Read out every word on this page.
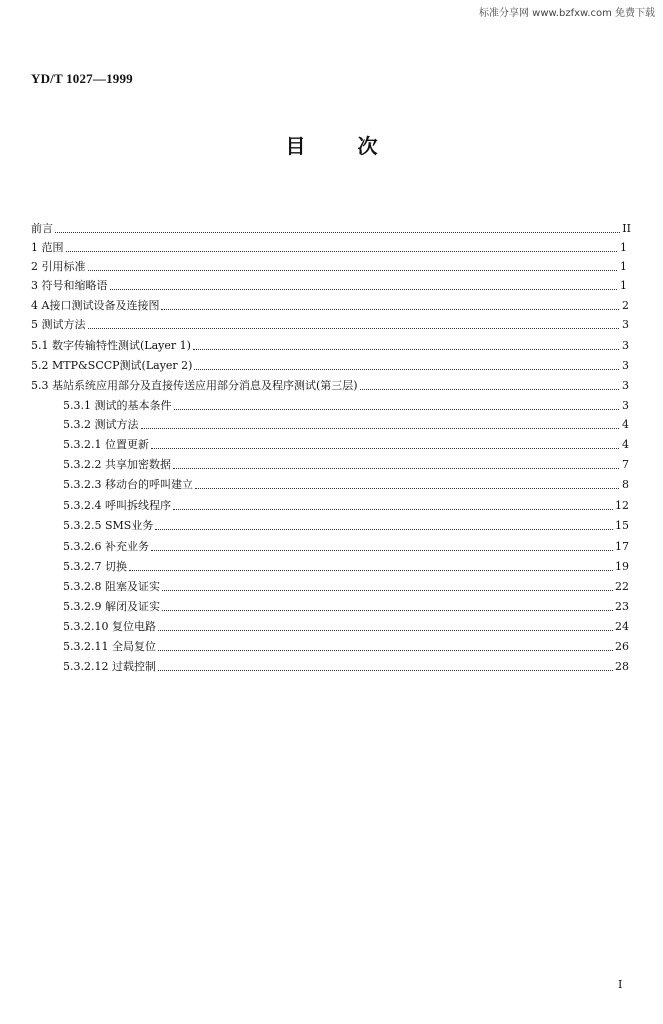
标准分享网 www.bzfxw.com 免费下载
YD/T 1027—1999
目	次
前言	II
1 范围	1
2 引用标准	1
3 符号和缩略语	1
4 A接口测试设备及连接图	2
5 测试方法	3
5.1 数字传输特性测试(Layer 1)	3
5.2 MTP&SCCP测试(Layer 2)	3
5.3 基站系统应用部分及直接传送应用部分消息及程序测试(第三层)	3
5.3.1 测试的基本条件	3
5.3.2 测试方法	4
5.3.2.1 位置更新	4
5.3.2.2 共享加密数据	7
5.3.2.3 移动台的呼叫建立	8
5.3.2.4 呼叫拆线程序	12
5.3.2.5 SMS业务	15
5.3.2.6 补充业务	17
5.3.2.7 切换	19
5.3.2.8 阻塞及证实	22
5.3.2.9 解闭及证实	23
5.3.2.10 复位电路	24
5.3.2.11 全局复位	26
5.3.2.12 过载控制	28
I
